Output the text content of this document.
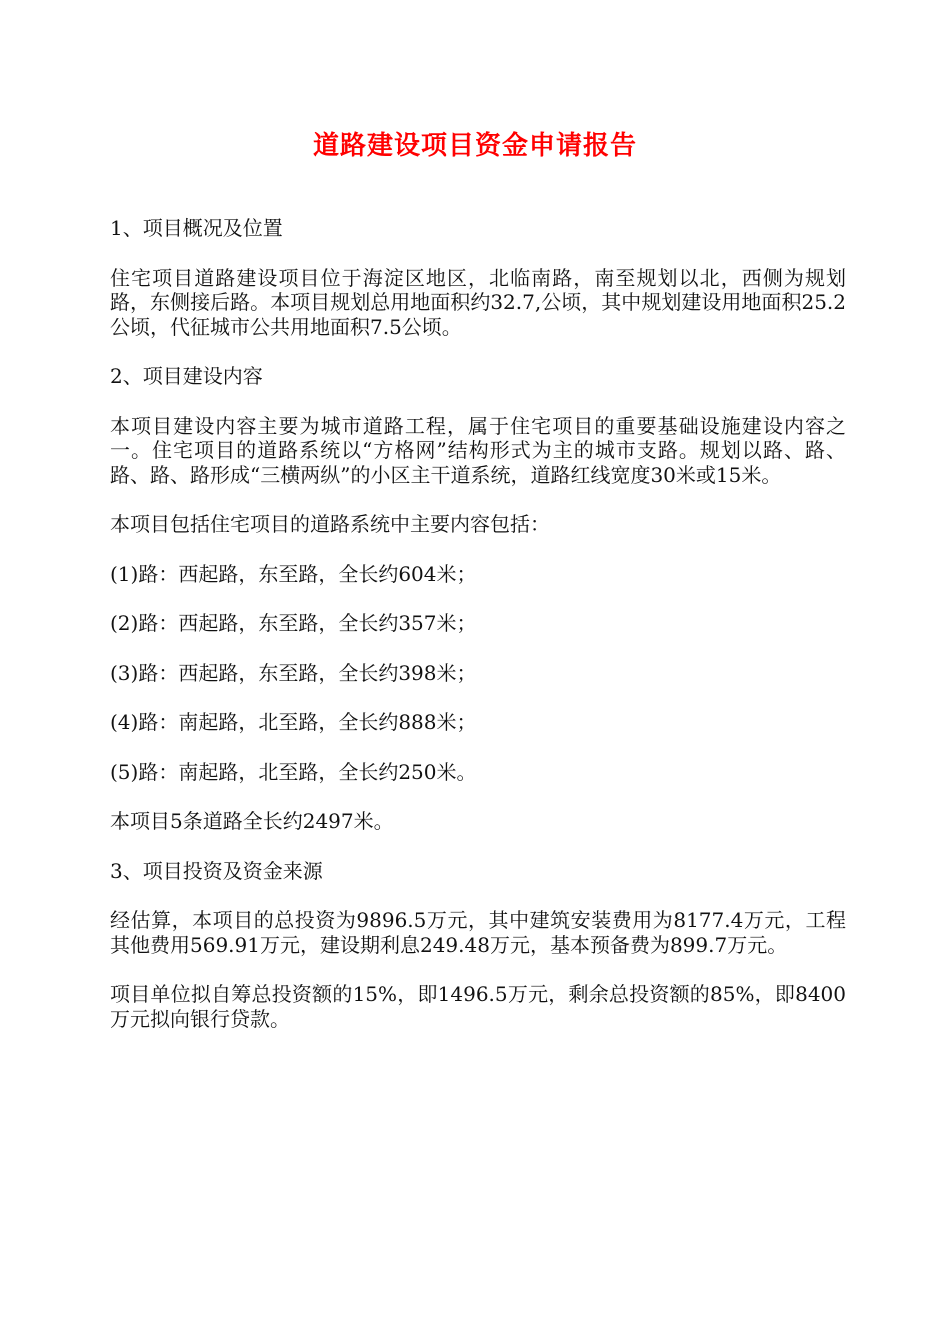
道路建设项目资金申请报告

1、项目概况及位置

住宅项目道路建设项目位于海淀区地区，北临南路，南至规划以北，西侧为规划路，东侧接后路。本项目规划总用地面积约32.7,公顷，其中规划建设用地面积25.2公顷，代征城市公共用地面积7.5公顷。

2、项目建设内容

本项目建设内容主要为城市道路工程，属于住宅项目的重要基础设施建设内容之一。住宅项目的道路系统以“方格网”结构形式为主的城市支路。规划以路、路、路、路、路形成“三横两纵”的小区主干道系统，道路红线宽度30米或15米。

本项目包括住宅项目的道路系统中主要内容包括：

(1)路：西起路，东至路，全长约604米；

(2)路：西起路，东至路，全长约357米；

(3)路：西起路，东至路，全长约398米；

(4)路：南起路，北至路，全长约888米；

(5)路：南起路，北至路，全长约250米。

本项目5条道路全长约2497米。

3、项目投资及资金来源

经估算，本项目的总投资为9896.5万元，其中建筑安装费用为8177.4万元，工程其他费用569.91万元，建设期利息249.48万元，基本预备费为899.7万元。

项目单位拟自筹总投资额的15%，即1496.5万元，剩余总投资额的85%，即8400万元拟向银行贷款。
